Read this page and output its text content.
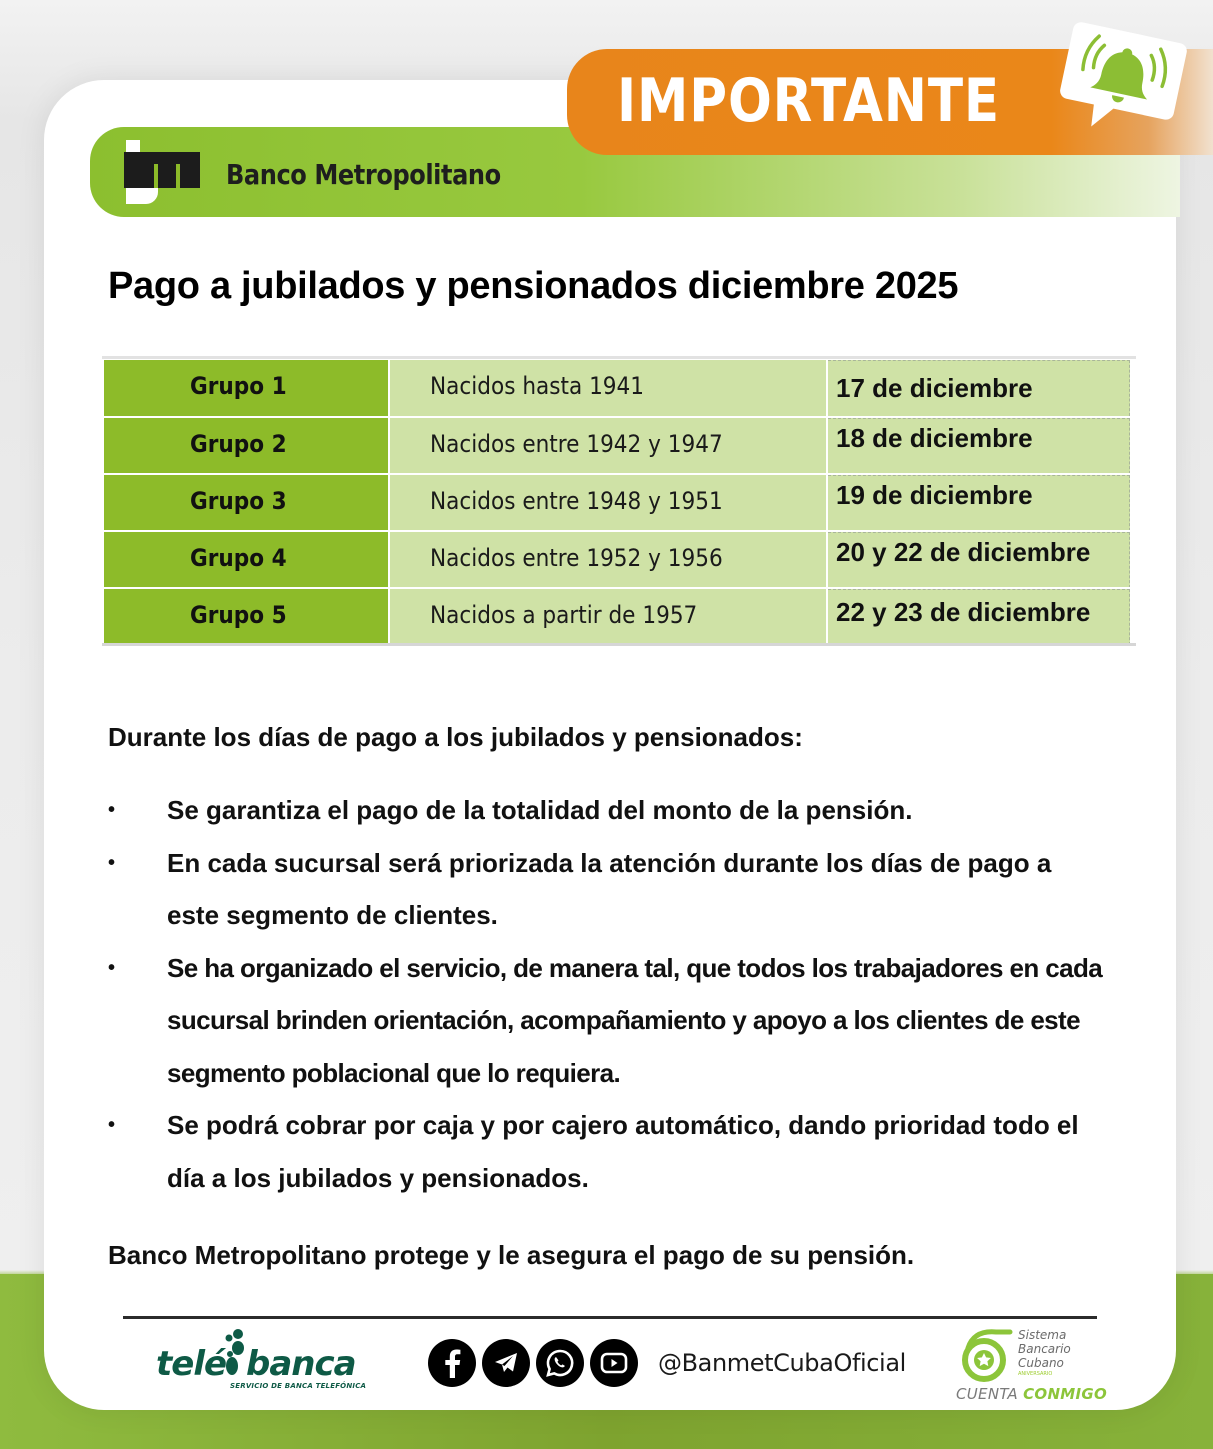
Banco Metropolitano
IMPORTANTE
Pago a jubilados y pensionados diciembre 2025
Grupo 1	Nacidos hasta 1941	17 de diciembre
Grupo 2	Nacidos entre 1942 y 1947	18 de diciembre
Grupo 3	Nacidos entre 1948 y 1951	19 de diciembre
Grupo 4	Nacidos entre 1952 y 1956	20 y 22 de diciembre
Grupo 5	Nacidos a partir de 1957	22 y 23 de diciembre
Durante los días de pago a los jubilados y pensionados:
• Se garantiza el pago de la totalidad del monto de la pensión.
• En cada sucursal será priorizada la atención durante los días de pago a este segmento de clientes.
• Se ha organizado el servicio, de manera tal, que todos los trabajadores en cada sucursal brinden orientación, acompañamiento y apoyo a los clientes de este segmento poblacional que lo requiera.
• Se podrá cobrar por caja y por cajero automático, dando prioridad todo el día a los jubilados y pensionados.
Banco Metropolitano protege y le asegura el pago de su pensión.
telé banca
SERVICIO DE BANCA TELEFÓNICA
@BanmetCubaOficial
Sistema
Bancario
Cubano
ANIVERSARIO
CUENTA CONMIGO
